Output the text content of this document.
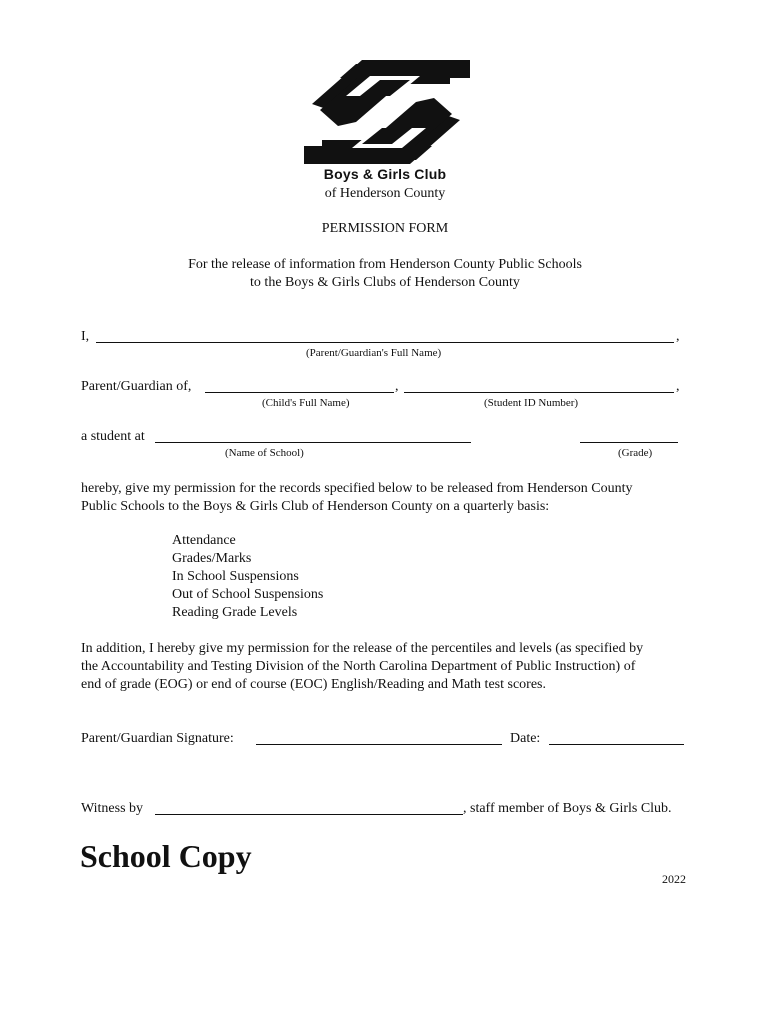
Boys & Girls Club
of Henderson County
PERMISSION FORM
For the release of information from Henderson County Public Schools
to the Boys & Girls Clubs of Henderson County
I,	,
(Parent/Guardian's Full Name)
Parent/Guardian of,	,	,
(Child's Full Name)	(Student ID Number)
a student at
(Name of School)	(Grade)
hereby, give my permission for the records specified below to be released from Henderson County
Public Schools to the Boys & Girls Club of Henderson County on a quarterly basis:
Attendance
Grades/Marks
In School Suspensions
Out of School Suspensions
Reading Grade Levels
In addition, I hereby give my permission for the release of the percentiles and levels (as specified by
the Accountability and Testing Division of the North Carolina Department of Public Instruction) of
end of grade (EOG) or end of course (EOC) English/Reading and Math test scores.
Parent/Guardian Signature:	Date:
Witness by	, staff member of Boys & Girls Club.
School Copy
2022
